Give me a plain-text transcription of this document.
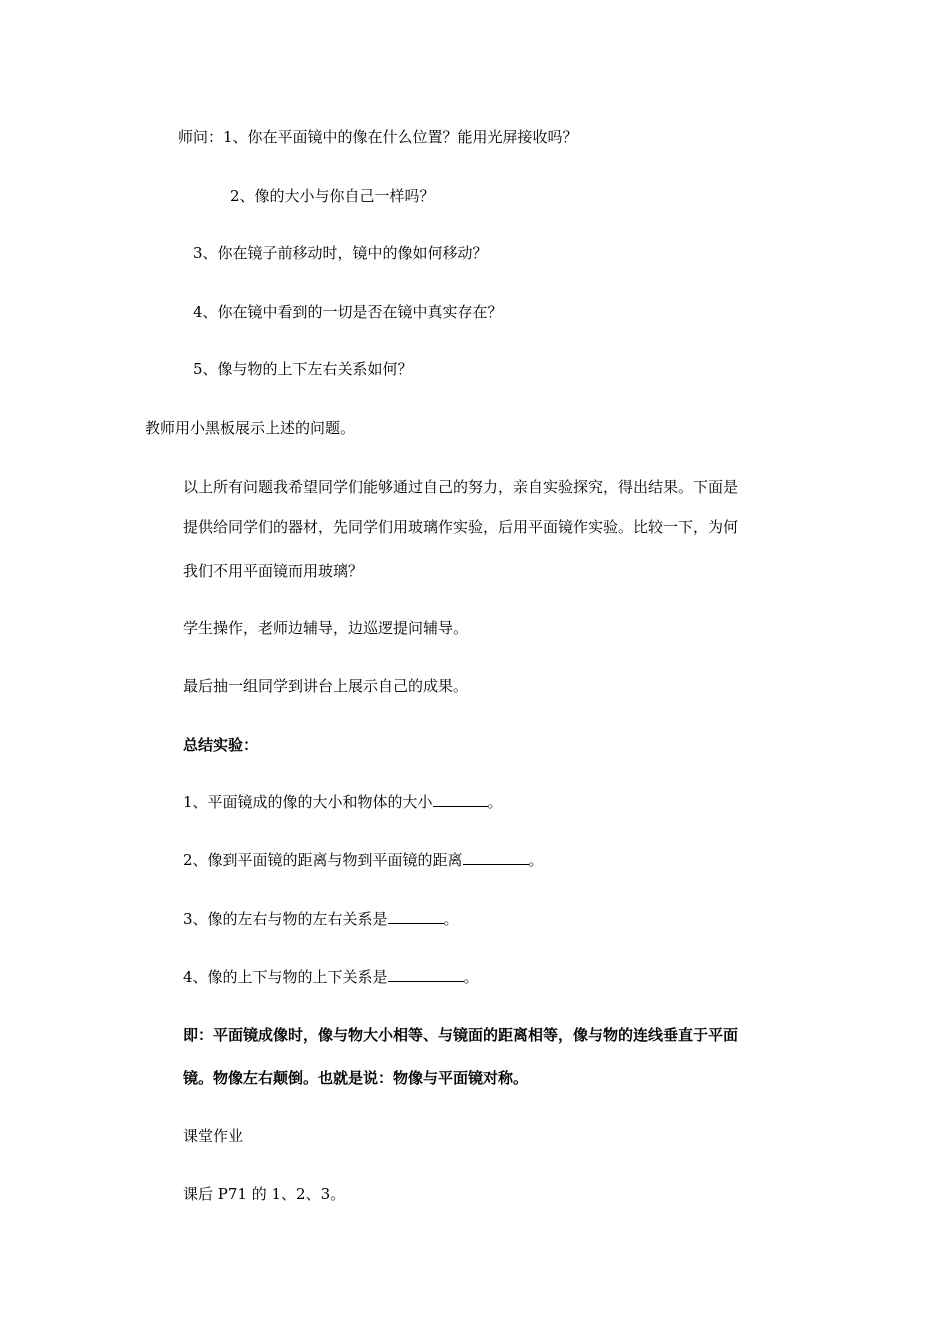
师问：1、你在平面镜中的像在什么位置？能用光屏接收吗？
2、像的大小与你自己一样吗？
3、你在镜子前移动时，镜中的像如何移动？
4、你在镜中看到的一切是否在镜中真实存在？
5、像与物的上下左右关系如何？
教师用小黑板展示上述的问题。
以上所有问题我希望同学们能够通过自己的努力，亲自实验探究，得出结果。下面是
提供给同学们的器材，先同学们用玻璃作实验，后用平面镜作实验。比较一下，为何
我们不用平面镜而用玻璃？
学生操作，老师边辅导，边巡逻提问辅导。
最后抽一组同学到讲台上展示自己的成果。
总结实验：
1、平面镜成的像的大小和物体的大小	。
2、像到平面镜的距离与物到平面镜的距离	。
3、像的左右与物的左右关系是	。
4、像的上下与物的上下关系是	。
即：平面镜成像时，像与物大小相等、与镜面的距离相等，像与物的连线垂直于平面
镜。物像左右颠倒。也就是说：物像与平面镜对称。
课堂作业
课后 P71 的 1、2、3。
